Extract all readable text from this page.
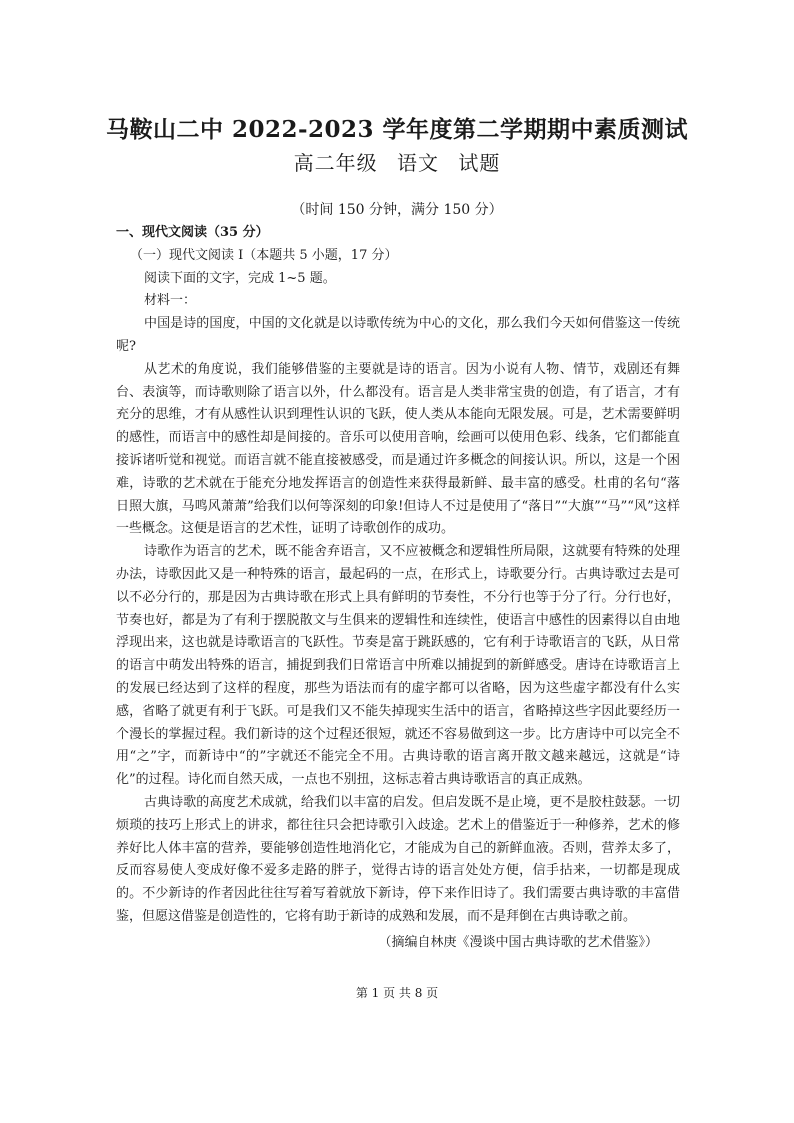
马鞍山二中 2022-2023 学年度第二学期期中素质测试
高二年级 语文 试题
（时间 150 分钟，满分 150 分）

一、现代文阅读（35 分）

（一）现代文阅读 I（本题共 5 小题，17 分）

阅读下面的文字，完成 1~5 题。

材料一：

中国是诗的国度，中国的文化就是以诗歌传统为中心的文化，那么我们今天如何借鉴这一传统呢?

从艺术的角度说，我们能够借鉴的主要就是诗的语言。因为小说有人物、情节，戏剧还有舞台、表演等，而诗歌则除了语言以外，什么都没有。语言是人类非常宝贵的创造，有了语言，才有充分的思维，才有从感性认识到理性认识的飞跃，使人类从本能向无限发展。可是，艺术需要鲜明的感性，而语言中的感性却是间接的。音乐可以使用音响，绘画可以使用色彩、线条，它们都能直接诉诸听觉和视觉。而语言就不能直接被感受，而是通过许多概念的间接认识。所以，这是一个困难，诗歌的艺术就在于能充分地发挥语言的创造性来获得最新鲜、最丰富的感受。杜甫的名句“落日照大旗，马鸣风萧萧”给我们以何等深刻的印象!但诗人不过是使用了“落日”“大旗”“马”“风”这样一些概念。这便是语言的艺术性，证明了诗歌创作的成功。

诗歌作为语言的艺术，既不能舍弃语言，又不应被概念和逻辑性所局限，这就要有特殊的处理办法，诗歌因此又是一种特殊的语言，最起码的一点，在形式上，诗歌要分行。古典诗歌过去是可以不必分行的，那是因为古典诗歌在形式上具有鲜明的节奏性，不分行也等于分了行。分行也好，节奏也好，都是为了有利于摆脱散文与生俱来的逻辑性和连续性，使语言中感性的因素得以自由地浮现出来，这也就是诗歌语言的飞跃性。节奏是富于跳跃感的，它有利于诗歌语言的飞跃，从日常的语言中萌发出特殊的语言，捕捉到我们日常语言中所难以捕捉到的新鲜感受。唐诗在诗歌语言上的发展已经达到了这样的程度，那些为语法而有的虚字都可以省略，因为这些虚字都没有什么实感，省略了就更有利于飞跃。可是我们又不能失掉现实生活中的语言，省略掉这些字因此要经历一个漫长的掌握过程。我们新诗的这个过程还很短，就还不容易做到这一步。比方唐诗中可以完全不用“之”字，而新诗中“的”字就还不能完全不用。古典诗歌的语言离开散文越来越远，这就是“诗化”的过程。诗化而自然天成，一点也不别扭，这标志着古典诗歌语言的真正成熟。

古典诗歌的高度艺术成就，给我们以丰富的启发。但启发既不是止境，更不是胶柱鼓瑟。一切烦琐的技巧上形式上的讲求，都往往只会把诗歌引入歧途。艺术上的借鉴近于一种修养，艺术的修养好比人体丰富的营养，要能够创造性地消化它，才能成为自己的新鲜血液。否则，营养太多了，反而容易使人变成好像不爱多走路的胖子，觉得古诗的语言处处方便，信手拈来，一切都是现成的。不少新诗的作者因此往往写着写着就放下新诗，停下来作旧诗了。我们需要古典诗歌的丰富借鉴，但愿这借鉴是创造性的，它将有助于新诗的成熟和发展，而不是拜倒在古典诗歌之前。

（摘编自林庚《漫谈中国古典诗歌的艺术借鉴》）

第 1 页 共 8 页
